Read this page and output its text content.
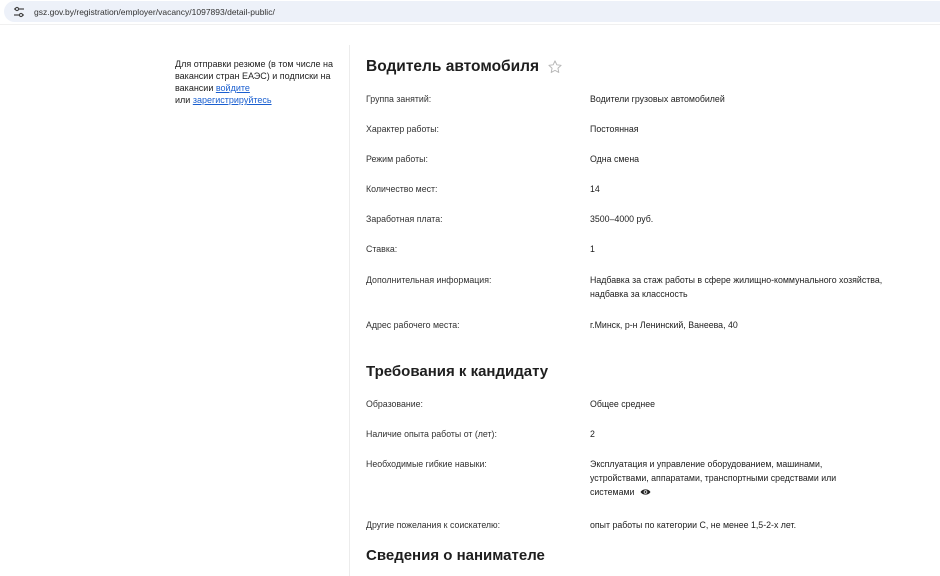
gsz.gov.by/registration/employer/vacancy/1097893/detail-public/
Для отправки резюме (в том числе на вакансии стран ЕАЭС) и подписки на вакансии войдите
или зарегистрируйтесь
Водитель автомобиля
Группа занятий:	Водители грузовых автомобилей
Характер работы:	Постоянная
Режим работы:	Одна смена
Количество мест:	14
Заработная плата:	3500–4000 руб.
Ставка:	1
Дополнительная информация:	Надбавка за стаж работы в сфере жилищно-коммунального хозяйства, надбавка за классность
Адрес рабочего места:	г.Минск, р-н Ленинский, Ванеева, 40
Требования к кандидату
Образование:	Общее среднее
Наличие опыта работы от (лет):	2
Необходимые гибкие навыки:	Эксплуатация и управление оборудованием, машинами, устройствами, аппаратами, транспортными средствами или системами
Другие пожелания к соискателю:	опыт работы по категории С, не менее 1,5-2-х лет.
Сведения о нанимателе
